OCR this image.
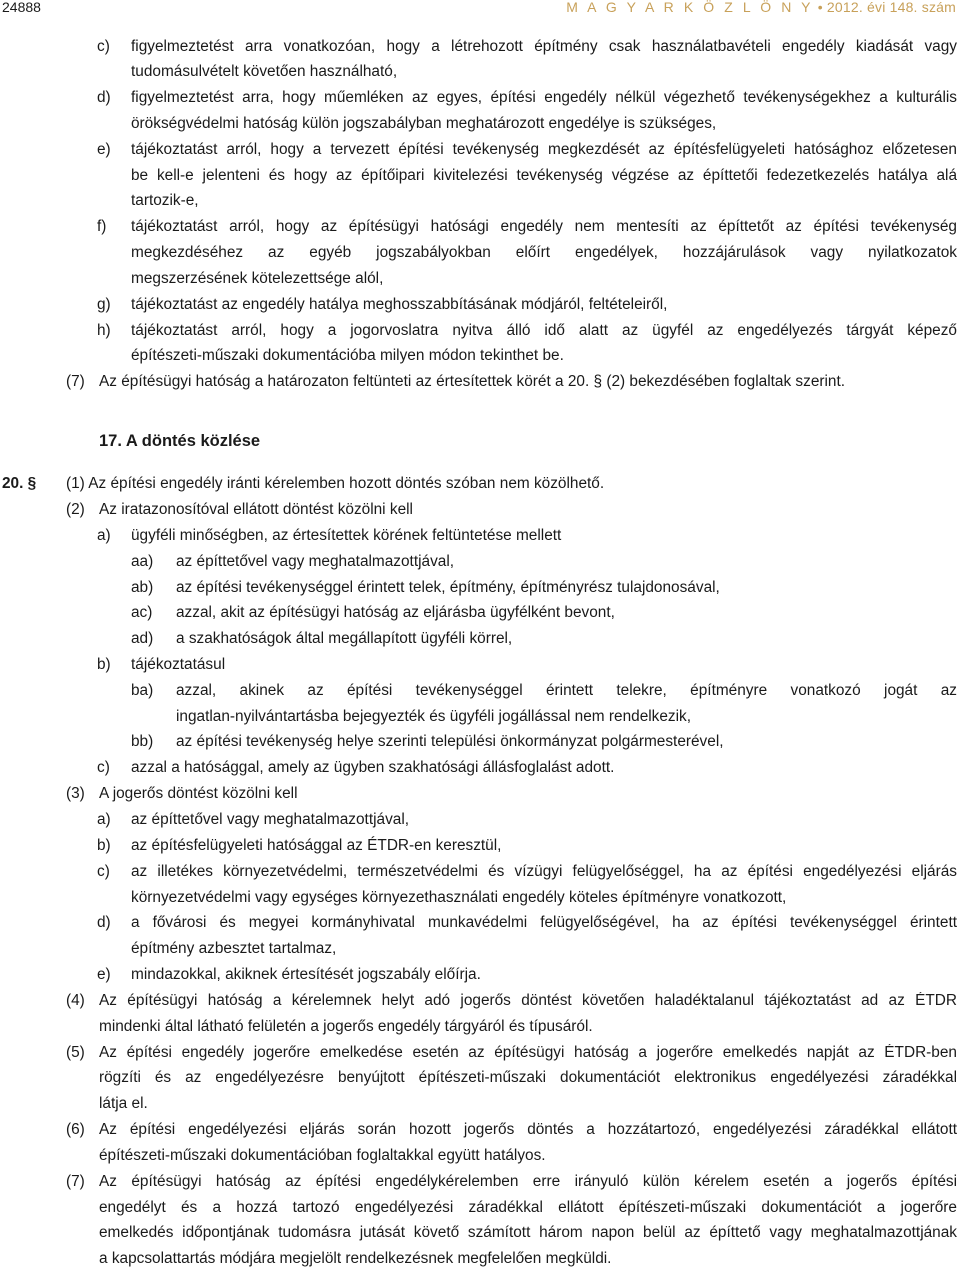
24888	M A G Y A R K Ö Z L Ö N Y • 2012. évi 148. szám
17. A döntés közlése
c) figyelmeztetést arra vonatkozóan, hogy a létrehozott építmény csak használatbavételi engedély kiadását vagy
tudomásulvételt követően használható,
d) figyelmeztetést arra, hogy műemléken az egyes, építési engedély nélkül végezhető tevékenységekhez a kulturális
örökségvédelmi hatóság külön jogszabályban meghatározott engedélye is szükséges,
e) tájékoztatást arról, hogy a tervezett építési tevékenység megkezdését az építésfelügyeleti hatósághoz előzetesen
be kell-e jelenteni és hogy az építőipari kivitelezési tevékenység végzése az építtetői fedezetkezelés hatálya alá
tartozik-e,
f) tájékoztatást arról, hogy az építésügyi hatósági engedély nem mentesíti az építtetőt az építési tevékenység
megkezdéséhez az egyéb jogszabályokban előírt engedélyek, hozzájárulások vagy nyilatkozatok
megszerzésének kötelezettsége alól,
g) tájékoztatást az engedély hatálya meghosszabbításának módjáról, feltételeiről,
h) tájékoztatást arról, hogy a jogorvoslatra nyitva álló idő alatt az ügyfél az engedélyezés tárgyát képező
építészeti-műszaki dokumentációba milyen módon tekinthet be.
(7) Az építésügyi hatóság a határozaton feltünteti az értesítettek körét a 20. § (2) bekezdésében foglaltak szerint.
20. § (1) Az építési engedély iránti kérelemben hozott döntés szóban nem közölhető.
(2) Az iratazonosítóval ellátott döntést közölni kell
a) ügyféli minőségben, az értesítettek körének feltüntetése mellett
aa) az építtetővel vagy meghatalmazottjával,
ab) az építési tevékenységgel érintett telek, építmény, építményrész tulajdonosával,
ac) azzal, akit az építésügyi hatóság az eljárásba ügyfélként bevont,
ad) a szakhatóságok által megállapított ügyféli körrel,
b) tájékoztatásul
ba) azzal, akinek az építési tevékenységgel érintett telekre, építményre vonatkozó jogát az
ingatlan-nyilvántartásba bejegyezték és ügyféli jogállással nem rendelkezik,
bb) az építési tevékenység helye szerinti települési önkormányzat polgármesterével,
c) azzal a hatósággal, amely az ügyben szakhatósági állásfoglalást adott.
(3) A jogerős döntést közölni kell
a) az építtetővel vagy meghatalmazottjával,
b) az építésfelügyeleti hatósággal az ÉTDR-en keresztül,
c) az illetékes környezetvédelmi, természetvédelmi és vízügyi felügyelőséggel, ha az építési engedélyezési eljárás
környezetvédelmi vagy egységes környezethasználati engedély köteles építményre vonatkozott,
d) a fővárosi és megyei kormányhivatal munkavédelmi felügyelőségével, ha az építési tevékenységgel érintett
építmény azbesztet tartalmaz,
e) mindazokkal, akiknek értesítését jogszabály előírja.
(4) Az építésügyi hatóság a kérelemnek helyt adó jogerős döntést követően haladéktalanul tájékoztatást ad az ÉTDR
mindenki által látható felületén a jogerős engedély tárgyáról és típusáról.
(5) Az építési engedély jogerőre emelkedése esetén az építésügyi hatóság a jogerőre emelkedés napját az ÉTDR-ben
rögzíti és az engedélyezésre benyújtott építészeti-műszaki dokumentációt elektronikus engedélyezési záradékkal
látja el.
(6) Az építési engedélyezési eljárás során hozott jogerős döntés a hozzátartozó, engedélyezési záradékkal ellátott
építészeti-műszaki dokumentációban foglaltakkal együtt hatályos.
(7) Az építésügyi hatóság az építési engedélykérelemben erre irányuló külön kérelem esetén a jogerős építési
engedélyt és a hozzá tartozó engedélyezési záradékkal ellátott építészeti-műszaki dokumentációt a jogerőre
emelkedés időpontjának tudomásra jutását követő számított három napon belül az építtető vagy meghatalmazottjának
a kapcsolattartás módjára megjelölt rendelkezésnek megfelelően megküldi.
